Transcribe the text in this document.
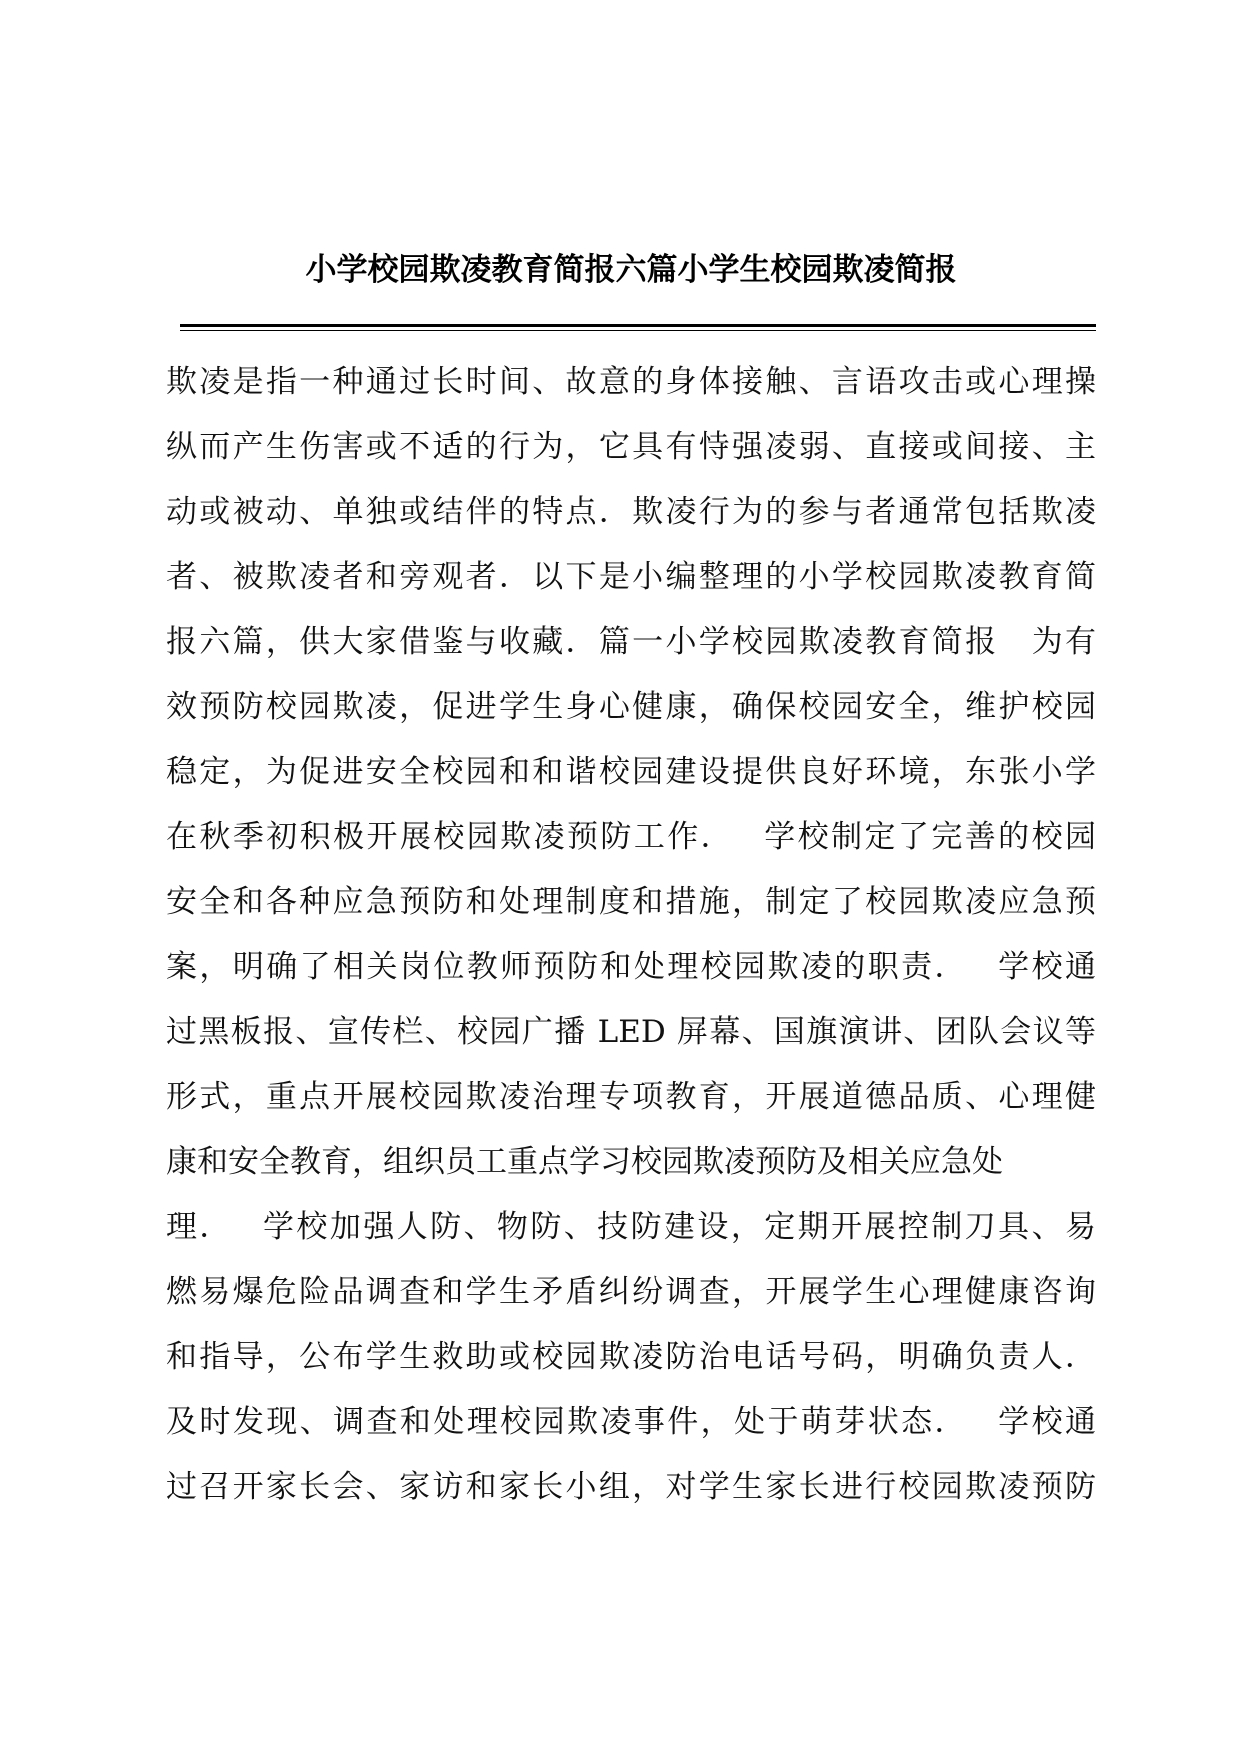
小学校园欺凌教育简报六篇小学生校园欺凌简报
欺凌是指一种通过长时间、故意的身体接触、言语攻击或心理操
纵而产生伤害或不适的行为，它具有恃强凌弱、直接或间接、主
动或被动、单独或结伴的特点．欺凌行为的参与者通常包括欺凌
者、被欺凌者和旁观者．以下是小编整理的小学校园欺凌教育简
报六篇，供大家借鉴与收藏．篇一小学校园欺凌教育简报　为有
效预防校园欺凌，促进学生身心健康，确保校园安全，维护校园
稳定，为促进安全校园和和谐校园建设提供良好环境，东张小学
在秋季初积极开展校园欺凌预防工作．　 学校制定了完善的校园
安全和各种应急预防和处理制度和措施，制定了校园欺凌应急预
案，明确了相关岗位教师预防和处理校园欺凌的职责．　 学校通
过黑板报、宣传栏、校园广播 LED 屏幕、国旗演讲、团队会议等
形式，重点开展校园欺凌治理专项教育，开展道德品质、心理健
康和安全教育，组织员工重点学习校园欺凌预防及相关应急处
理．　 学校加强人防、物防、技防建设，定期开展控制刀具、易
燃易爆危险品调查和学生矛盾纠纷调查，开展学生心理健康咨询
和指导，公布学生救助或校园欺凌防治电话号码，明确负责人．
及时发现、调查和处理校园欺凌事件，处于萌芽状态．　 学校通
过召开家长会、家访和家长小组，对学生家长进行校园欺凌预防
